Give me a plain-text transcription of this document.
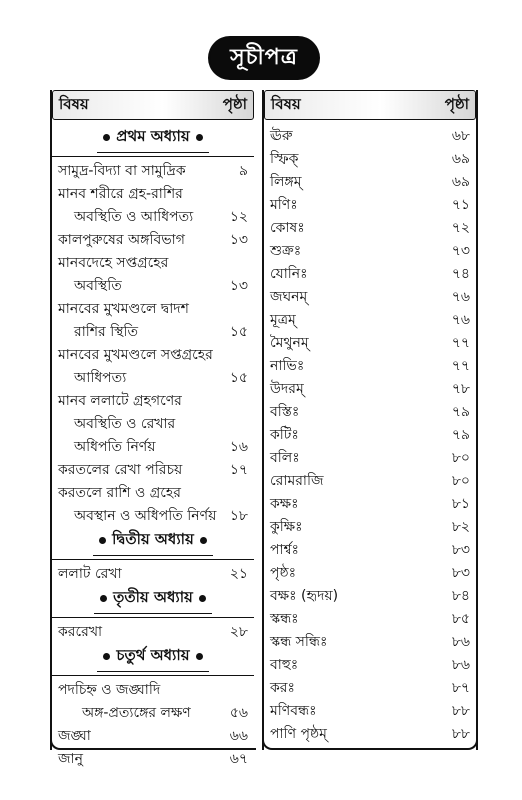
সূচীপত্র
বিষয়	পৃষ্ঠা
প্রথম অধ্যায়
সামুদ্র-বিদ্যা বা সামুদ্রিক	৯
মানব শরীরে গ্রহ-রাশির
অবস্থিতি ও আধিপত্য	১২
কালপুরুষের অঙ্গবিভাগ	১৩
মানবদেহে সপ্তগ্রহের
অবস্থিতি	১৩
মানবের মুখমণ্ডলে দ্বাদশ
রাশির স্থিতি	১৫
মানবের মুখমণ্ডলে সপ্তগ্রহের
আধিপত্য	১৫
মানব ললাটে গ্রহগণের
অবস্থিতি ও রেখার
অধিপতি নির্ণয়	১৬
করতলের রেখা পরিচয়	১৭
করতলে রাশি ও গ্রহের
অবস্থান ও অধিপতি নির্ণয় ১৮
দ্বিতীয় অধ্যায়
ললাট রেখা	২১
তৃতীয় অধ্যায়
কররেখা	২৮
চতুর্থ অধ্যায়
পদচিহ্ন ও জঙ্ঘাদি
অঙ্গ-প্রত্যঙ্গের লক্ষণ	৫৬
জঙ্ঘা	৬৬
জানু	৬৭
বিষয়	পৃষ্ঠা
ঊরু	৬৮
স্ফিক্	৬৯
লিঙ্গম্	৬৯
মণিঃ	৭১
কোষঃ	৭২
শুক্রঃ	৭৩
যোনিঃ	৭৪
জঘনম্	৭৬
মূত্রম্	৭৬
মৈথুনম্	৭৭
নাভিঃ	৭৭
উদরম্	৭৮
বস্তিঃ	৭৯
কটিঃ	৭৯
বলিঃ	৮০
রোমরাজি	৮০
কক্ষঃ	৮১
কুক্ষিঃ	৮২
পার্শ্বঃ	৮৩
পৃষ্ঠঃ	৮৩
বক্ষঃ (হৃদয়)	৮৪
স্কন্ধঃ	৮৫
স্কন্ধ সন্ধিঃ	৮৬
বাহুঃ	৮৬
করঃ	৮৭
মণিবন্ধঃ	৮৮
পাণি পৃষ্ঠম্	৮৮
